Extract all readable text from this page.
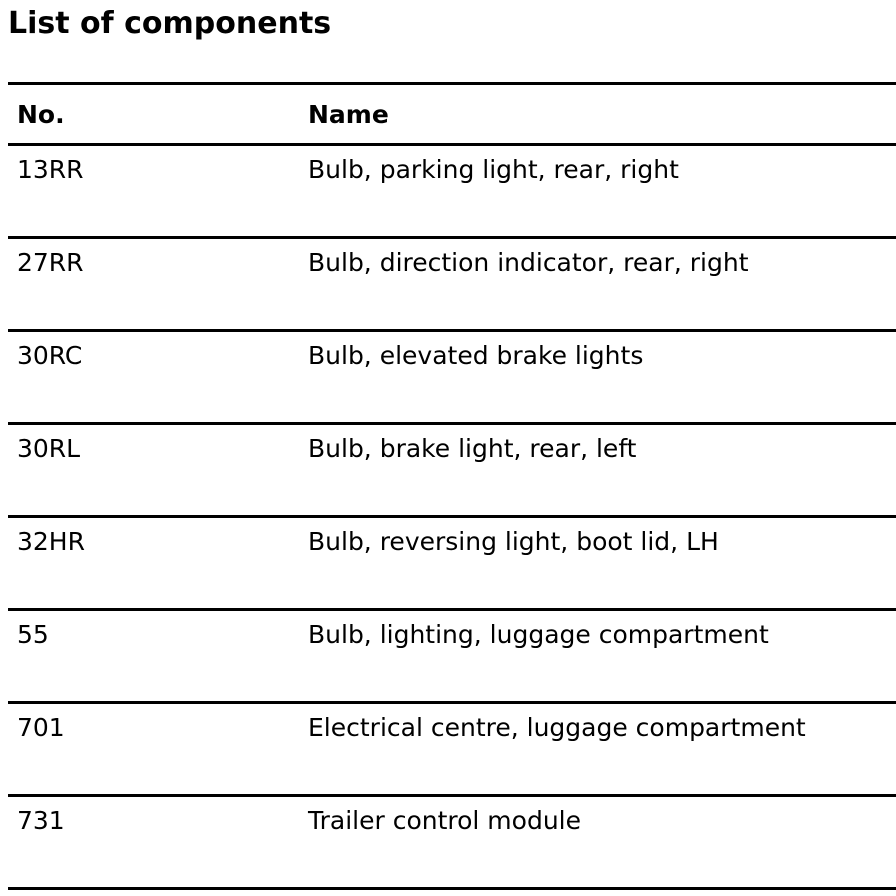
List of components
No.	Name
13RR	Bulb, parking light, rear, right
27RR	Bulb, direction indicator, rear, right
30RC	Bulb, elevated brake lights
30RL	Bulb, brake light, rear, left
32HR	Bulb, reversing light, boot lid, LH
55	Bulb, lighting, luggage compartment
701	Electrical centre, luggage compartment
731	Trailer control module
